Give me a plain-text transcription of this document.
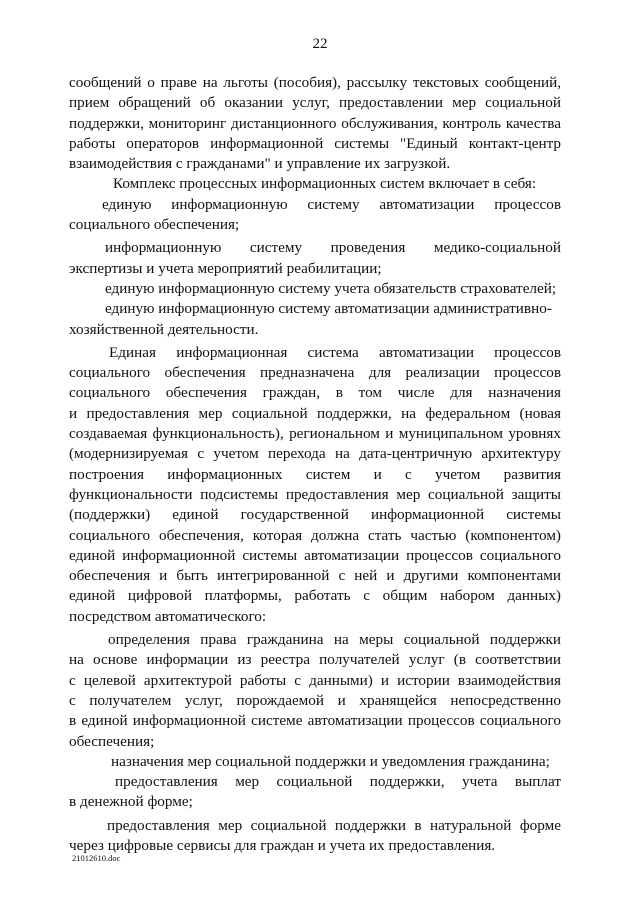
22
сообщений о праве на льготы (пособия), рассылку текстовых сообщений,
прием обращений об оказании услуг, предоставлении мер социальной
поддержки, мониторинг дистанционного обслуживания, контроль качества
работы операторов информационной системы "Единый контакт-центр
взаимодействия с гражданами" и управление их загрузкой.
Комплекс процессных информационных систем включает в себя:
единую информационную систему автоматизации процессов
социального обеспечения;
информационную систему проведения медико-социальной
экспертизы и учета мероприятий реабилитации;
единую информационную систему учета обязательств страхователей;
единую информационную систему автоматизации административно-
хозяйственной деятельности.
Единая информационная система автоматизации процессов
социального обеспечения предназначена для реализации процессов
социального обеспечения граждан, в том числе для назначения
и предоставления мер социальной поддержки, на федеральном (новая
создаваемая функциональность), региональном и муниципальном уровнях
(модернизируемая с учетом перехода на дата-центричную архитектуру
построения информационных систем и с учетом развития
функциональности подсистемы предоставления мер социальной защиты
(поддержки) единой государственной информационной системы
социального обеспечения, которая должна стать частью (компонентом)
единой информационной системы автоматизации процессов социального
обеспечения и быть интегрированной с ней и другими компонентами
единой цифровой платформы, работать с общим набором данных)
посредством автоматического:
определения права гражданина на меры социальной поддержки
на основе информации из реестра получателей услуг (в соответствии
с целевой архитектурой работы с данными) и истории взаимодействия
с получателем услуг, порождаемой и хранящейся непосредственно
в единой информационной системе автоматизации процессов социального
обеспечения;
назначения мер социальной поддержки и уведомления гражданина;
предоставления мер социальной поддержки, учета выплат
в денежной форме;
предоставления мер социальной поддержки в натуральной форме
через цифровые сервисы для граждан и учета их предоставления.
21012610.doc
